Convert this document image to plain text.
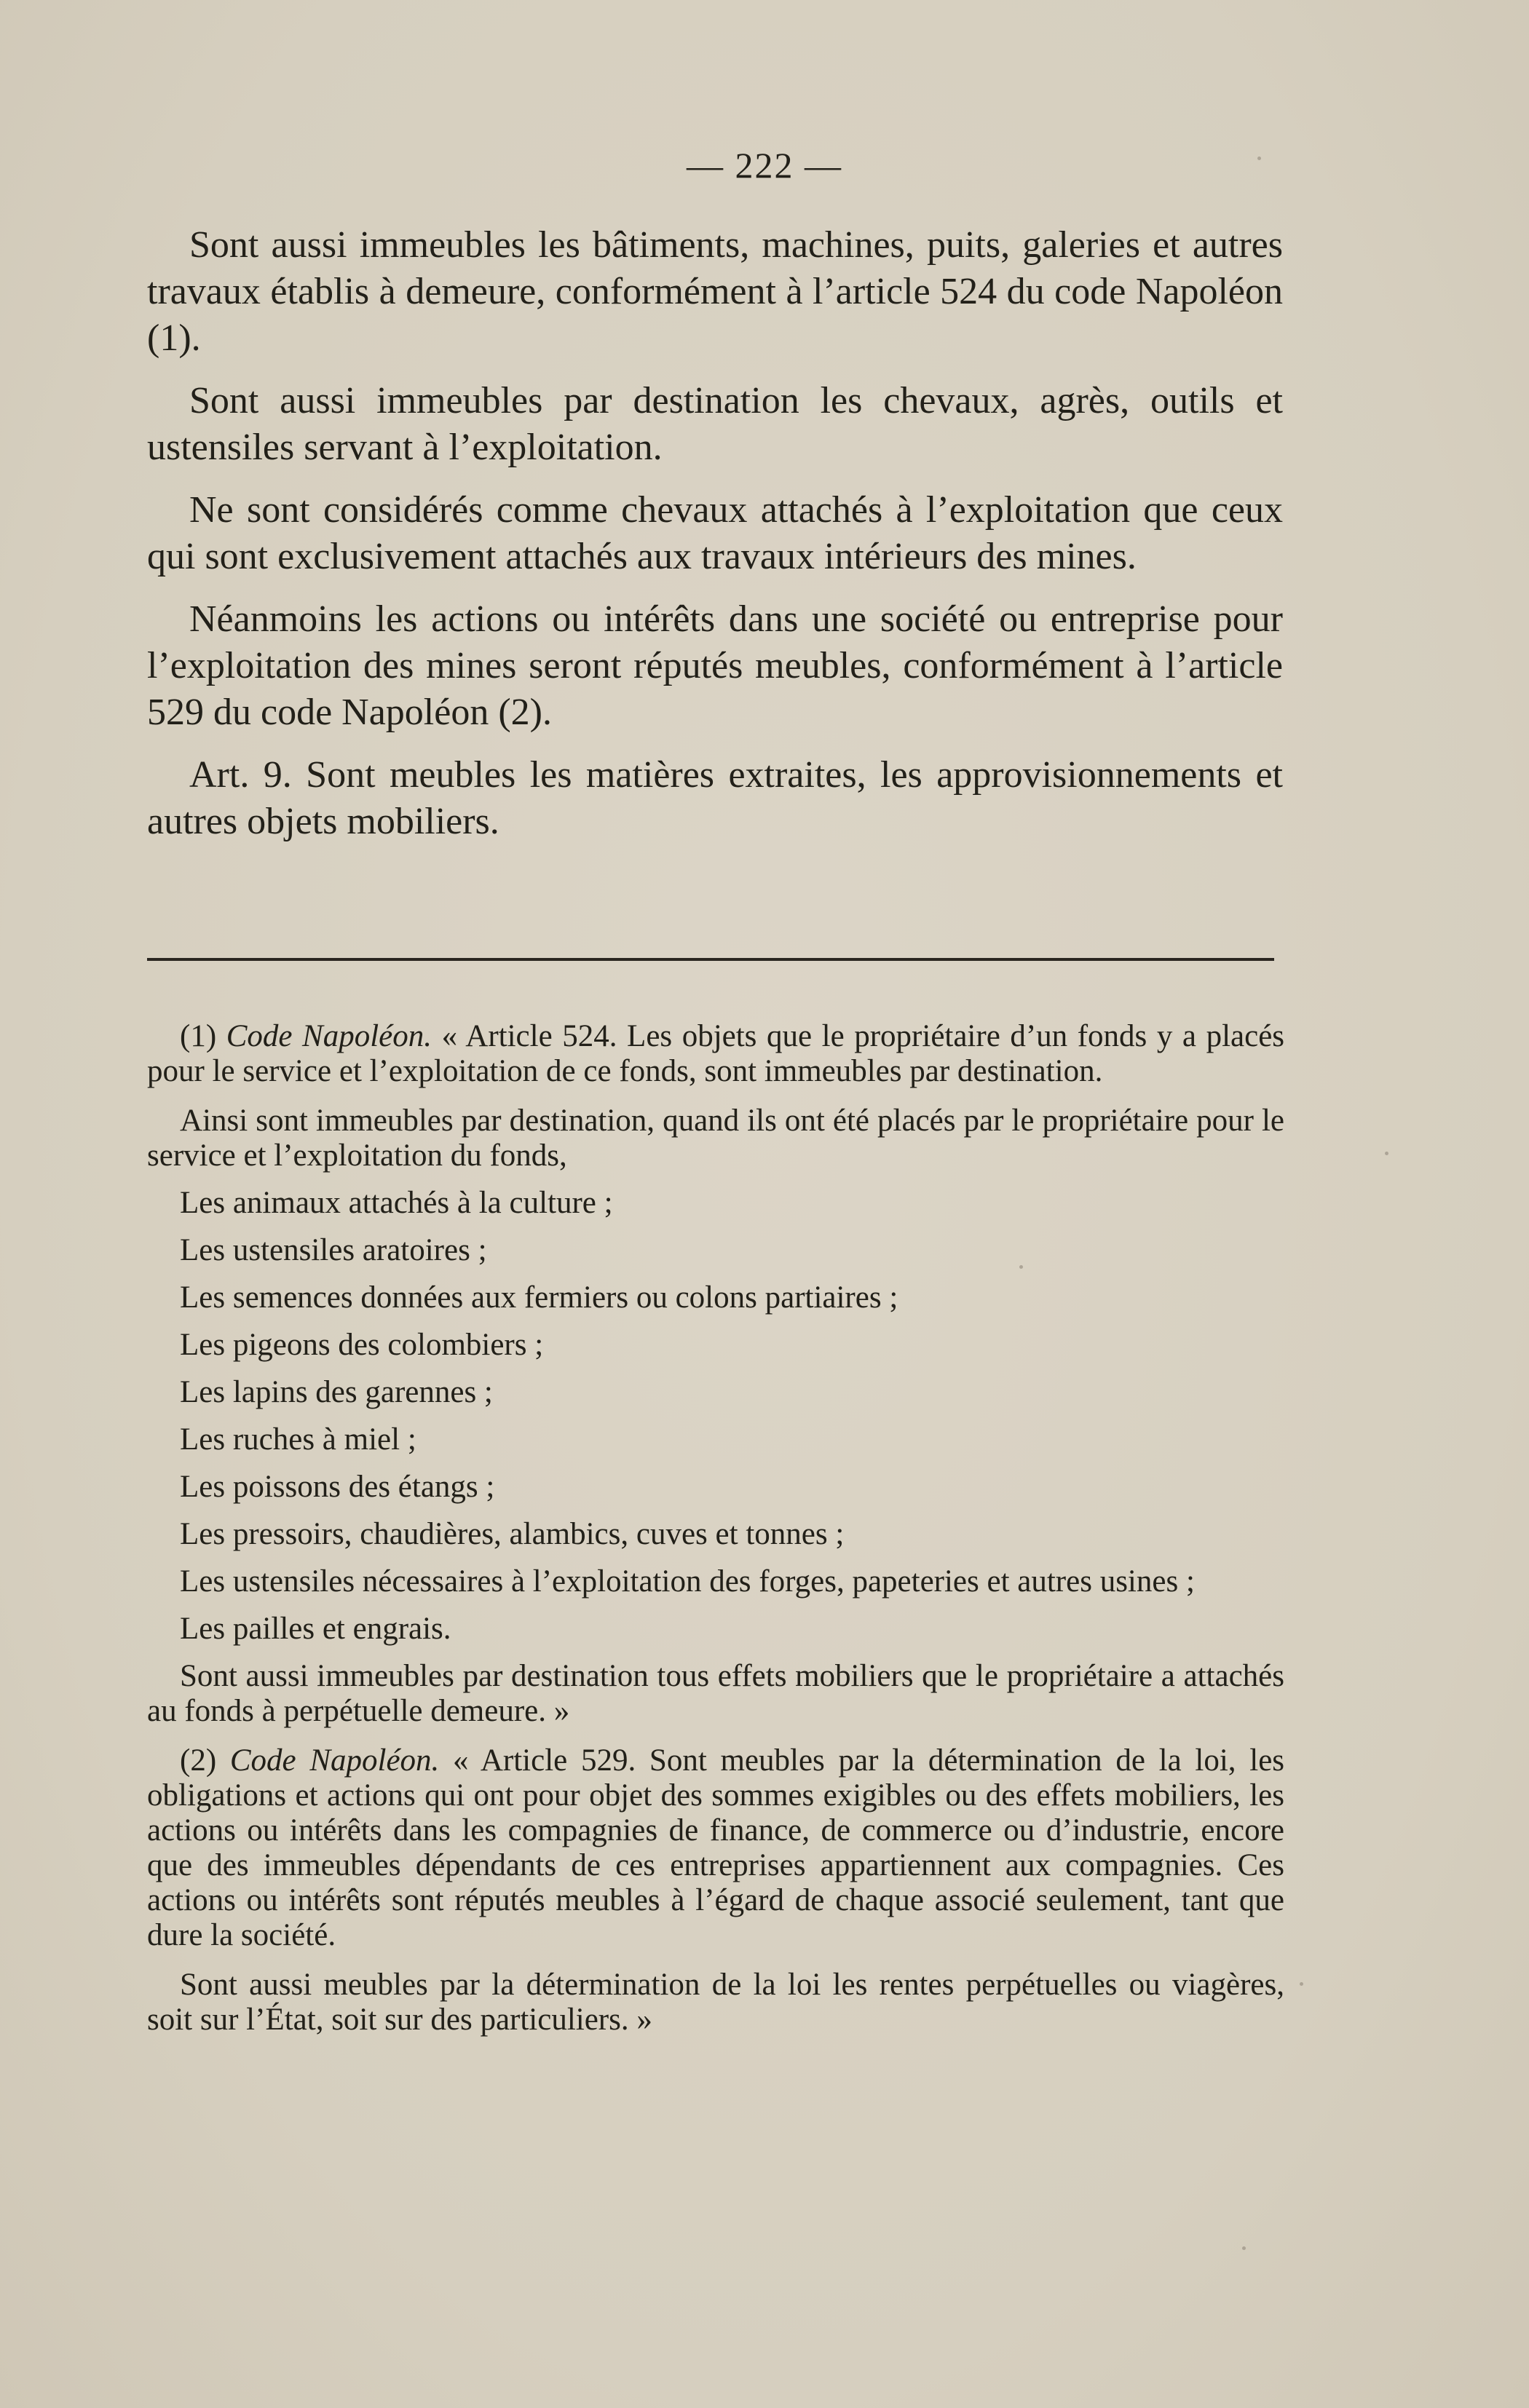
— 222 —

Sont aussi immeubles les bâtiments, machines, puits, galeries et autres travaux établis à demeure, conformément à l’article 524 du code Napoléon (1).

Sont aussi immeubles par destination les chevaux, agrès, outils et ustensiles servant à l’exploitation.

Ne sont considérés comme chevaux attachés à l’exploitation que ceux qui sont exclusivement attachés aux travaux intérieurs des mines.

Néanmoins les actions ou intérêts dans une société ou entreprise pour l’exploitation des mines seront réputés meubles, conformément à l’article 529 du code Napoléon (2).

Art. 9. Sont meubles les matières extraites, les approvisionnements et autres objets mobiliers.

(1) Code Napoléon. « Article 524. Les objets que le propriétaire d’un fonds y a placés pour le service et l’exploitation de ce fonds, sont immeubles par destination.

Ainsi sont immeubles par destination, quand ils ont été placés par le propriétaire pour le service et l’exploitation du fonds,

Les animaux attachés à la culture ;

Les ustensiles aratoires ;

Les semences données aux fermiers ou colons partiaires ;

Les pigeons des colombiers ;

Les lapins des garennes ;

Les ruches à miel ;

Les poissons des étangs ;

Les pressoirs, chaudières, alambics, cuves et tonnes ;

Les ustensiles nécessaires à l’exploitation des forges, papeteries et autres usines ;

Les pailles et engrais.

Sont aussi immeubles par destination tous effets mobiliers que le propriétaire a attachés au fonds à perpétuelle demeure. »

(2) Code Napoléon. « Article 529. Sont meubles par la détermination de la loi, les obligations et actions qui ont pour objet des sommes exigibles ou des effets mobiliers, les actions ou intérêts dans les compagnies de finance, de commerce ou d’industrie, encore que des immeubles dépendants de ces entreprises appartiennent aux compagnies. Ces actions ou intérêts sont réputés meubles à l’égard de chaque associé seulement, tant que dure la société.

Sont aussi meubles par la détermination de la loi les rentes perpétuelles ou viagères, soit sur l’État, soit sur des particuliers. »
